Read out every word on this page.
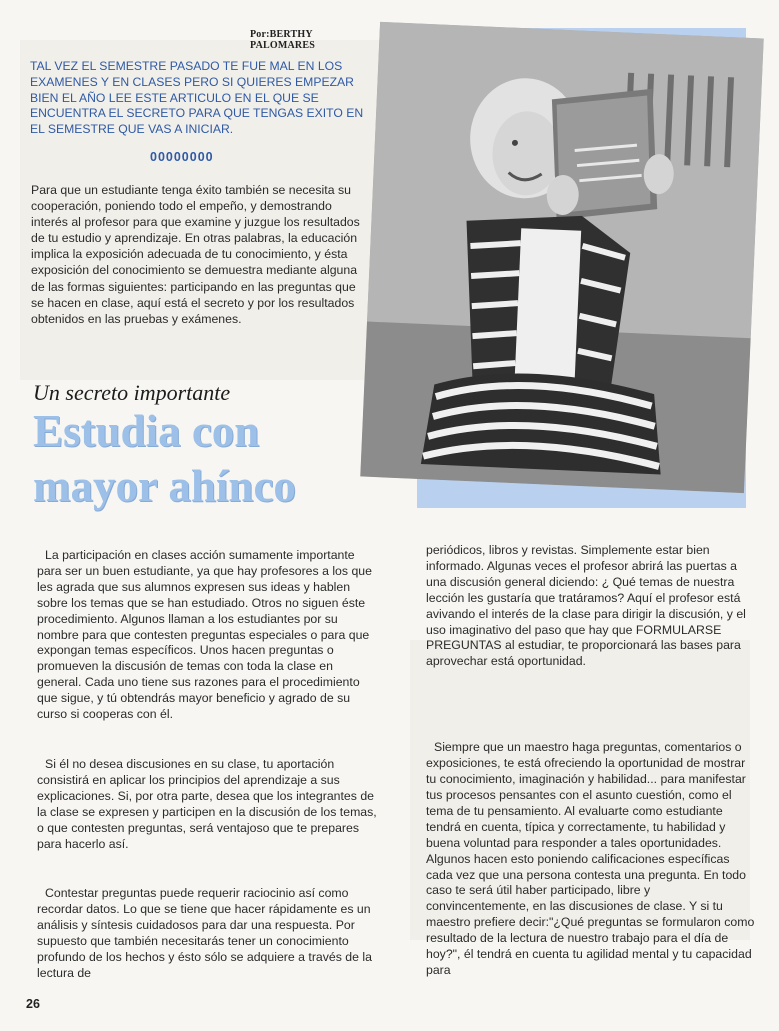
Por:BERTHY PALOMARES
TAL VEZ EL SEMESTRE PASADO TE FUE MAL EN LOS EXAMENES Y EN CLASES PERO SI QUIERES EMPEZAR BIEN EL AÑO LEE ESTE ARTICULO EN EL QUE SE ENCUENTRA EL SECRETO PARA QUE TENGAS EXITO EN EL SEMESTRE QUE VAS A INICIAR.
00000000
Para que un estudiante tenga éxito también se necesita su cooperación, poniendo todo el empeño, y demostrando interés al profesor para que examine y juzgue los resultados de tu estudio y aprendizaje. En otras palabras, la educación implica la exposición adecuada de tu conocimiento, y ésta exposición del conocimiento se demuestra mediante alguna de las formas siguientes: participando en las preguntas que se hacen en clase, aquí está el secreto y por los resultados obtenidos en las pruebas y exámenes.
Un secreto importante
Estudia con
mayor ahínco

La participación en clases acción sumamente importante para ser un buen estudiante, ya que hay profesores a los que les agrada que sus alumnos expresen sus ideas y hablen sobre los temas que se han estudiado. Otros no siguen éste procedimiento. Algunos llaman a los estudiantes por su nombre para que contesten preguntas especiales o para que expongan temas específicos. Unos hacen preguntas o promueven la discusión de temas con toda la clase en general. Cada uno tiene sus razones para el procedimiento que sigue, y tú obtendrás mayor beneficio y agrado de su curso si cooperas con él.

Si él no desea discusiones en su clase, tu aportación consistirá en aplicar los principios del aprendizaje a sus explicaciones. Si, por otra parte, desea que los integrantes de la clase se expresen y participen en la discusión de los temas, o que contesten preguntas, será ventajoso que te prepares para hacerlo así.

Contestar preguntas puede requerir raciocinio así como recordar datos. Lo que se tiene que hacer rápidamente es un análisis y síntesis cuidadosos para dar una respuesta. Por supuesto que también necesitarás tener un conocimiento profundo de los hechos y ésto sólo se adquiere a través de la lectura de

periódicos, libros y revistas. Simplemente estar bien informado. Algunas veces el profesor abrirá las puertas a una discusión general diciendo: ¿ Qué temas de nuestra lección les gustaría que tratáramos? Aquí el profesor está avivando el interés de la clase para dirigir la discusión, y el uso imaginativo del paso que hay que FORMULARSE PREGUNTAS al estudiar, te proporcionará las bases para aprovechar está oportunidad.

Siempre que un maestro haga preguntas, comentarios o exposiciones, te está ofreciendo la oportunidad de mostrar tu conocimiento, imaginación y habilidad... para manifestar tus procesos pensantes con el asunto cuestión, como el tema de tu pensamiento. Al evaluarte como estudiante tendrá en cuenta, típica y correctamente, tu habilidad y buena voluntad para responder a tales oportunidades. Algunos hacen esto poniendo calificaciones específicas cada vez que una persona contesta una pregunta. En todo caso te será útil haber participado, libre y convincentemente, en las discusiones de clase. Y si tu maestro prefiere decir:"¿Qué preguntas se formularon como resultado de la lectura de nuestro trabajo para el día de hoy?", él tendrá en cuenta tu agilidad mental y tu capacidad para

26
